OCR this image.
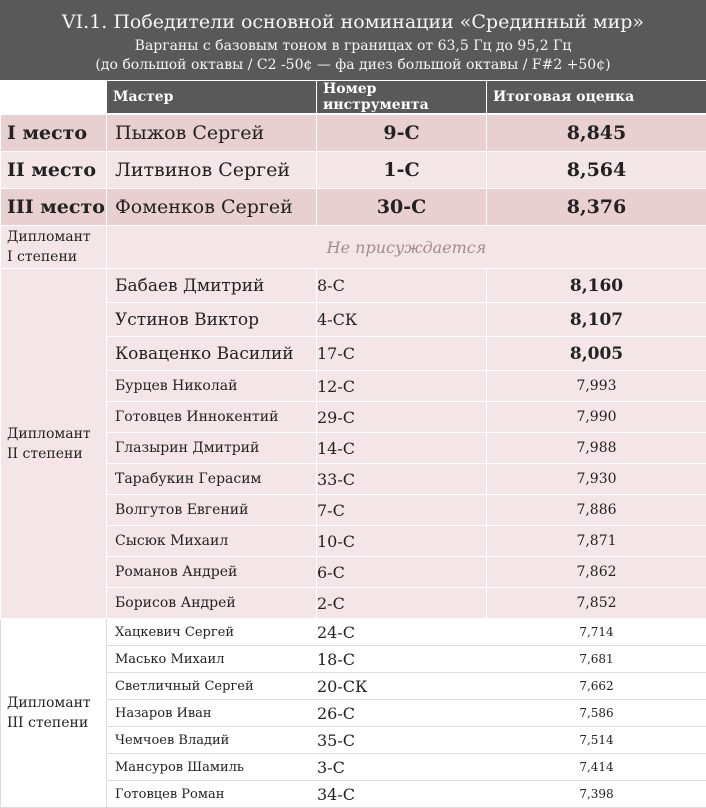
VI.1. Победители основной номинации «Срединный мир»
Варганы с базовым тоном в границах от 63,5 Гц до 95,2 Гц
(до большой октавы / C2 -50¢ — фа диез большой октавы / F#2 +50¢)
	Мастер	Номер инструмента	Итоговая оценка
I место	Пыжов Сергей	9-С	8,845
II место	Литвинов Сергей	1-С	8,564
III место	Фоменков Сергей	30-С	8,376
Дипломант
I степени	Не присуждается		
Дипломант
II степени	Бабаев Дмитрий	8-С	8,160
	Устинов Виктор	4-СК	8,107
	Коваценко Василий	17-С	8,005
	Бурцев Николай	12-С	7,993
	Готовцев Иннокентий	29-С	7,990
	Глазырин Дмитрий	14-С	7,988
	Тарабукин Герасим	33-С	7,930
	Волгутов Евгений	7-С	7,886
	Сысюк Михаил	10-С	7,871
	Романов Андрей	6-С	7,862
	Борисов Андрей	2-С	7,852
Дипломант
III степени	Хацкевич Сергей	24-С	7,714
	Масько Михаил	18-С	7,681
	Светличный Сергей	20-СК	7,662
	Назаров Иван	26-С	7,586
	Чемчоев Владий	35-С	7,514
	Мансуров Шамиль	3-С	7,414
	Готовцев Роман	34-С	7,398
